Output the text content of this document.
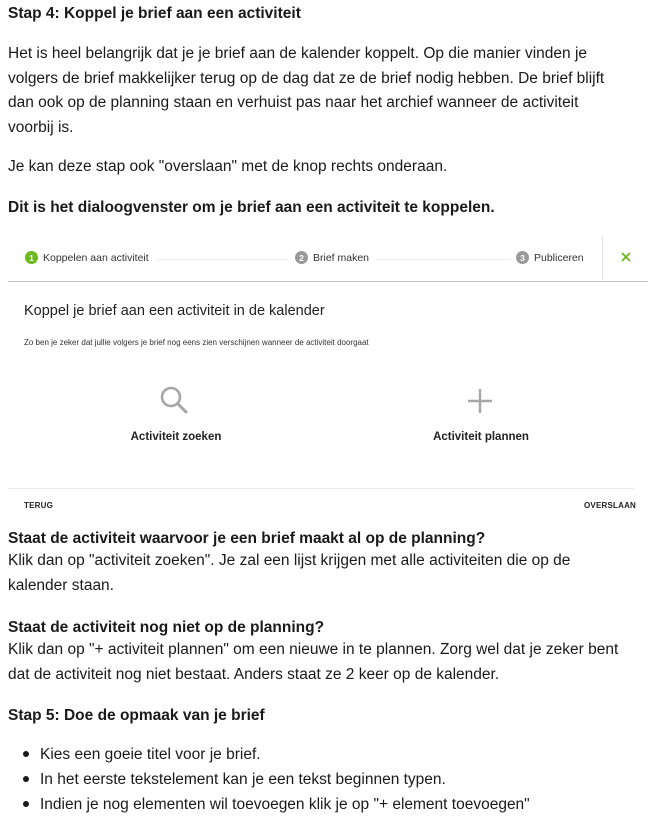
Stap 4: Koppel je brief aan een activiteit
Het is heel belangrijk dat je je brief aan de kalender koppelt. Op die manier vinden je
volgers de brief makkelijker terug op de dag dat ze de brief nodig hebben. De brief blijft
dan ook op de planning staan en verhuist pas naar het archief wanneer de activiteit
voorbij is.
Je kan deze stap ook "overslaan" met de knop rechts onderaan.
Dit is het dialoogvenster om je brief aan een activiteit te koppelen.
1 Koppelen aan activiteit	2 Brief maken	3 Publiceren
Koppel je brief aan een activiteit in de kalender
Zo ben je zeker dat jullie volgers je brief nog eens zien verschijnen wanneer de activiteit doorgaat
Activiteit zoeken	Activiteit plannen
TERUG	OVERSLAAN
Staat de activiteit waarvoor je een brief maakt al op de planning?
Klik dan op "activiteit zoeken". Je zal een lijst krijgen met alle activiteiten die op de
kalender staan.
Staat de activiteit nog niet op de planning?
Klik dan op "+ activiteit plannen" om een nieuwe in te plannen. Zorg wel dat je zeker bent
dat de activiteit nog niet bestaat. Anders staat ze 2 keer op de kalender.
Stap 5: Doe de opmaak van je brief
Kies een goeie titel voor je brief.
In het eerste tekstelement kan je een tekst beginnen typen.
Indien je nog elementen wil toevoegen klik je op "+ element toevoegen"
